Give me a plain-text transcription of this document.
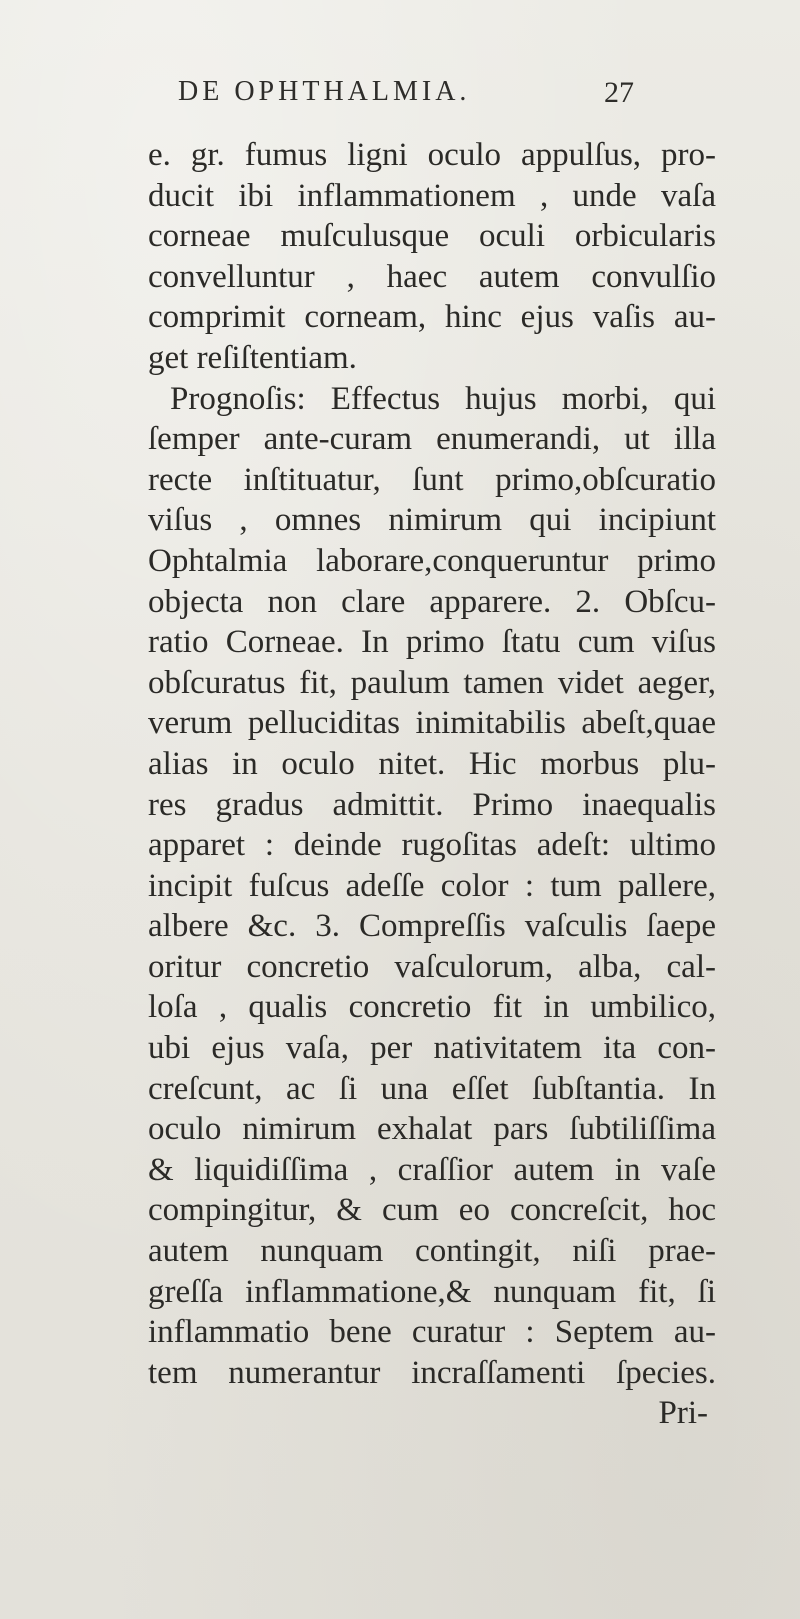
DE OPHTHALMIA.	27
e. gr. fumus ligni oculo appulſus, pro-
ducit ibi inflammationem , unde vaſa
corneae muſculusque oculi orbicularis
convelluntur , haec autem convulſio
comprimit corneam, hinc ejus vaſis au-
get reſiſtentiam.
Prognoſis: Effectus hujus morbi, qui
ſemper ante-curam enumerandi, ut illa
recte inſtituatur, ſunt primo,obſcuratio
viſus , omnes nimirum qui incipiunt
Ophtalmia laborare,conqueruntur primo
objecta non clare apparere. 2. Obſcu-
ratio Corneae. In primo ſtatu cum viſus
obſcuratus fit, paulum tamen videt aeger,
verum pelluciditas inimitabilis abeſt,quae
alias in oculo nitet. Hic morbus plu-
res gradus admittit. Primo inaequalis
apparet : deinde rugoſitas adeſt: ultimo
incipit fuſcus adeſſe color : tum pallere,
albere &c. 3. Compreſſis vaſculis ſaepe
oritur concretio vaſculorum, alba, cal-
loſa , qualis concretio fit in umbilico,
ubi ejus vaſa, per nativitatem ita con-
creſcunt, ac ſi una eſſet ſubſtantia. In
oculo nimirum exhalat pars ſubtiliſſima
& liquidiſſima , craſſior autem in vaſe
compingitur, & cum eo concreſcit, hoc
autem nunquam contingit, niſi prae-
greſſa inflammatione,& nunquam fit, ſi
inflammatio bene curatur : Septem au-
tem numerantur incraſſamenti ſpecies.
Pri-
